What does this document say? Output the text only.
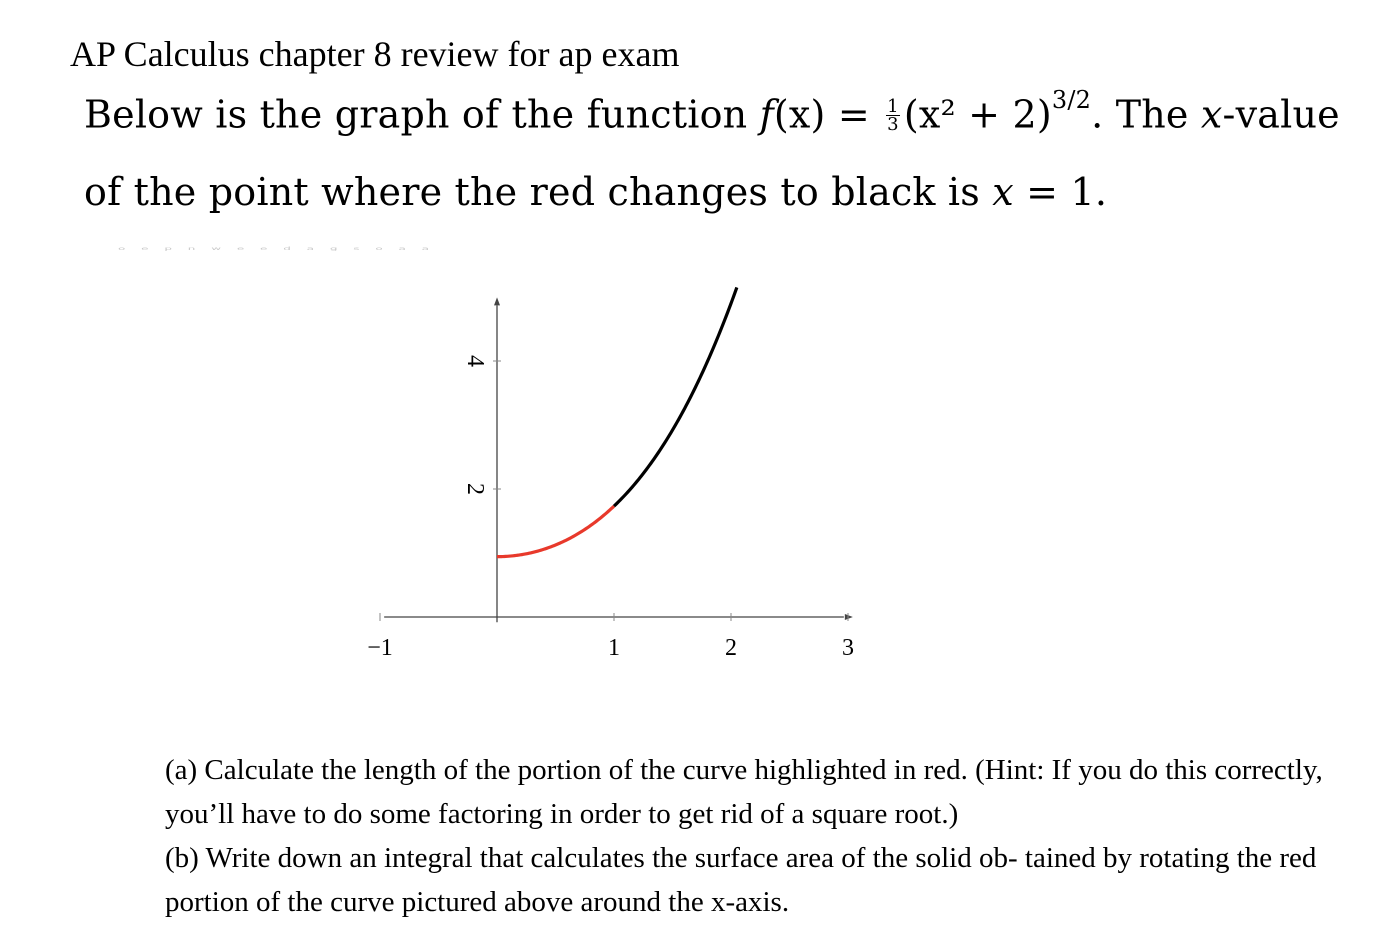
AP Calculus chapter 8 review for ap exam
Below is the graph of the function $f(x) = \frac{1}{3} (x^2 + 2)^{3/2}$. The x-value
of the point where the red changes to black is x = 1.
o e p n w e e d a g s o a a
−1	1	2	3
2
4

(a) Calculate the length of the portion of the curve highlighted in red. (Hint: If you do this correctly, you’ll have to do some factoring in order to get rid of a square root.)

(b) Write down an integral that calculates the surface area of the solid ob- tained by rotating the red portion of the curve pictured above around the x-axis.
